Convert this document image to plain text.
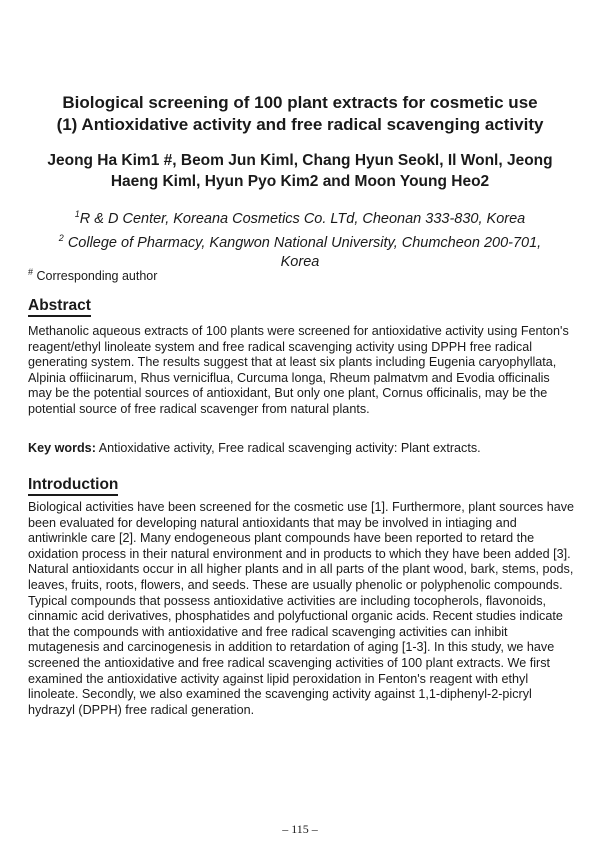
Biological screening of 100 plant extracts for cosmetic use
(1) Antioxidative activity and free radical scavenging activity
Jeong Ha Kim1 #, Beom Jun Kiml, Chang Hyun Seokl, Il Wonl, Jeong
Haeng Kiml, Hyun Pyo Kim2 and Moon Young Heo2
$^1$R & D Center, Koreana Cosmetics Co. LTd, Cheonan 333-830, Korea
$^2$ College of Pharmacy, Kangwon National University, Chumcheon 200-701,
Korea
# Corresponding author
Abstract
Methanolic aqueous extracts of 100 plants were screened for antioxidative activity using Fenton's reagent/ethyl linoleate system and free radical scavenging activity using DPPH free radical generating system. The results suggest that at least six plants including Eugenia caryophyllata, Alpinia offiicinarum, Rhus verniciflua, Curcuma longa, Rheum palmatvm and Evodia officinalis may be the potential sources of antioxidant, But only one plant, Cornus officinalis, may be the potential source of free radical scavenger from natural plants.
Key words: Antioxidative activity, Free radical scavenging activity: Plant extracts.
Introduction
Biological activities have been screened for the cosmetic use [1]. Furthermore, plant sources have been evaluated for developing natural antioxidants that may be involved in intiaging and antiwrinkle care [2]. Many endogeneous plant compounds have been reported to retard the oxidation process in their natural environment and in products to which they have been added [3]. Natural antioxidants occur in all higher plants and in all parts of the plant wood, bark, stems, pods, leaves, fruits, roots, flowers, and seeds. These are usually phenolic or polyphenolic compounds. Typical compounds that possess antioxidative activities are including tocopherols, flavonoids, cinnamic acid derivatives, phosphatides and polyfuctional organic acids. Recent studies indicate that the compounds with antioxidative and free radical scavenging activities can inhibit mutagenesis and carcinogenesis in addition to retardation of aging [1-3]. In this study, we have screened the antioxidative and free radical scavenging activities of 100 plant extracts. We first examined the antioxidative activity against lipid peroxidation in Fenton's reagent with ethyl linoleate. Secondly, we also examined the scavenging activity against 1,1-diphenyl-2-picryl hydrazyl (DPPH) free radical generation.
– 115 –
